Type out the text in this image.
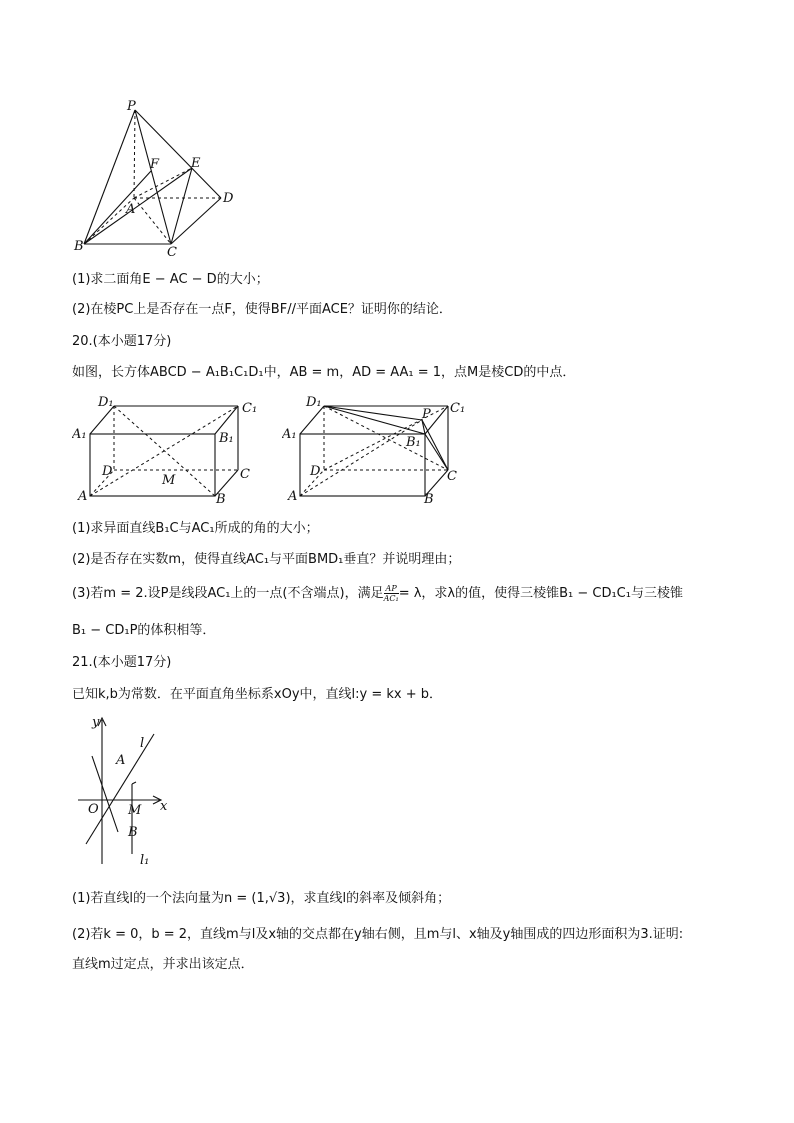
P
F E
A
D
B	C
(1)求二面角E − AC − D的大小；
(2)在棱PC上是否存在一点F，使得BF//平面ACE？证明你的结论．
20.(本小题17分)
如图，长方体ABCD − A₁B₁C₁D₁中，AB = m，AD = AA₁ = 1，点M是棱CD的中点．
D₁	C₁
A₁	B₁
D	C
M
A	B
D₁	C₁
A₁
B₁
P
D	C
A	B
(1)求异面直线B₁C与AC₁所成的角的大小；
(2)是否存在实数m，使得直线AC₁与平面BMD₁垂直？并说明理由；
(3)若m = 2.设P是线段AC₁上的一点(不含端点)，满足 $\frac{AP}{\text{AC₁}} = \lambda$，求λ的值，使得三棱锥B₁ − CD₁C₁与三棱锥
B₁ − CD₁P的体积相等．
21.(本小题17分)
已知k,b为常数．在平面直角坐标系xOy中，直线l:y = kx + b．
y
l
A
O M x
B
l₁
(1)若直线l的一个法向量为n = (1,√3)，求直线l的斜率及倾斜角；
(2)若k = 0，b = 2，直线m与l及x轴的交点都在y轴右侧，且m与l、x轴及y轴围成的四边形面积为3.证明:
直线m过定点，并求出该定点．
